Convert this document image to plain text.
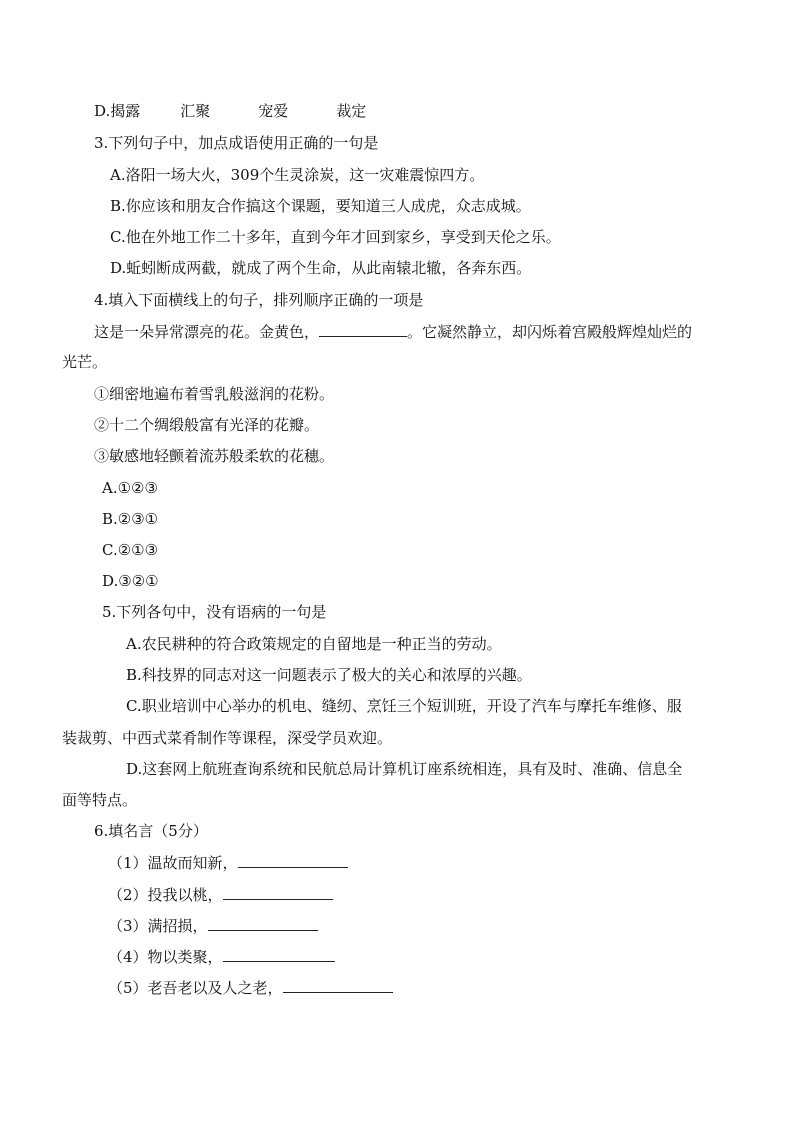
D.揭露	汇聚	宠爱	裁定
3.下列句子中，加点成语使用正确的一句是
A.洛阳一场大火，309个生灵涂炭，这一灾难震惊四方。
B.你应该和朋友合作搞这个课题，要知道三人成虎，众志成城。
C.他在外地工作二十多年，直到今年才回到家乡，享受到天伦之乐。
D.蚯蚓断成两截，就成了两个生命，从此南辕北辙，各奔东西。
4.填入下面横线上的句子，排列顺序正确的一项是
这是一朵异常漂亮的花。金黄色，	。它凝然静立，却闪烁着宫殿般辉煌灿烂的
光芒。
①细密地遍布着雪乳般滋润的花粉。
②十二个绸缎般富有光泽的花瓣。
③敏感地轻颤着流苏般柔软的花穗。
A.①②③
B.②③①
C.②①③
D.③②①
5.下列各句中，没有语病的一句是
A.农民耕种的符合政策规定的自留地是一种正当的劳动。
B.科技界的同志对这一问题表示了极大的关心和浓厚的兴趣。
C.职业培训中心举办的机电、缝纫、烹饪三个短训班，开设了汽车与摩托车维修、服
装裁剪、中西式菜肴制作等课程，深受学员欢迎。
D.这套网上航班查询系统和民航总局计算机订座系统相连，具有及时、准确、信息全
面等特点。
6.填名言（5分）
（1）温故而知新，
（2）投我以桃，
（3）满招损，
（4）物以类聚，
（5）老吾老以及人之老，
